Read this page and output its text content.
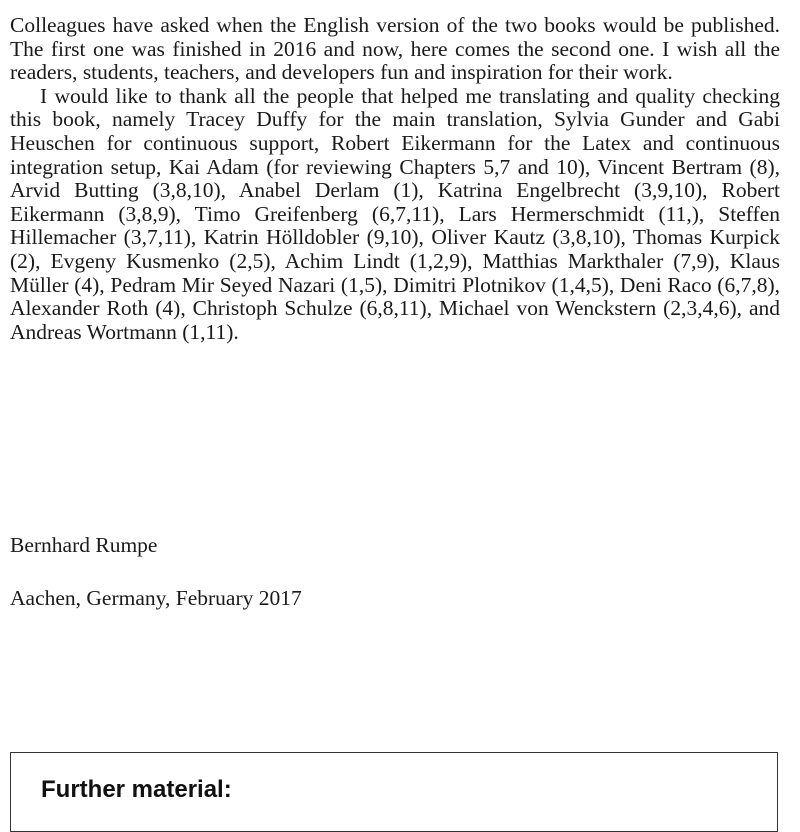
Colleagues have asked when the English version of the two books would be published. The first one was finished in 2016 and now, here comes the second one. I wish all the readers, students, teachers, and developers fun and inspiration for their work.

I would like to thank all the people that helped me translating and quality checking this book, namely Tracey Duffy for the main translation, Sylvia Gunder and Gabi Heuschen for continuous support, Robert Eikermann for the Latex and continuous integration setup, Kai Adam (for reviewing Chapters 5,7 and 10), Vincent Bertram (8), Arvid Butting (3,8,10), Anabel Derlam (1), Katrina Engelbrecht (3,9,10), Robert Eikermann (3,8,9), Timo Greifenberg (6,7,11), Lars Hermerschmidt (11,), Steffen Hillemacher (3,7,11), Katrin Hölldobler (9,10), Oliver Kautz (3,8,10), Thomas Kurpick (2), Evgeny Kusmenko (2,5), Achim Lindt (1,2,9), Matthias Markthaler (7,9), Klaus Müller (4), Pedram Mir Seyed Nazari (1,5), Dimitri Plotnikov (1,4,5), Deni Raco (6,7,8), Alexander Roth (4), Christoph Schulze (6,8,11), Michael von Wenckstern (2,3,4,6), and Andreas Wortmann (1,11).

Bernhard Rumpe

Aachen, Germany, February 2017

Further material:
